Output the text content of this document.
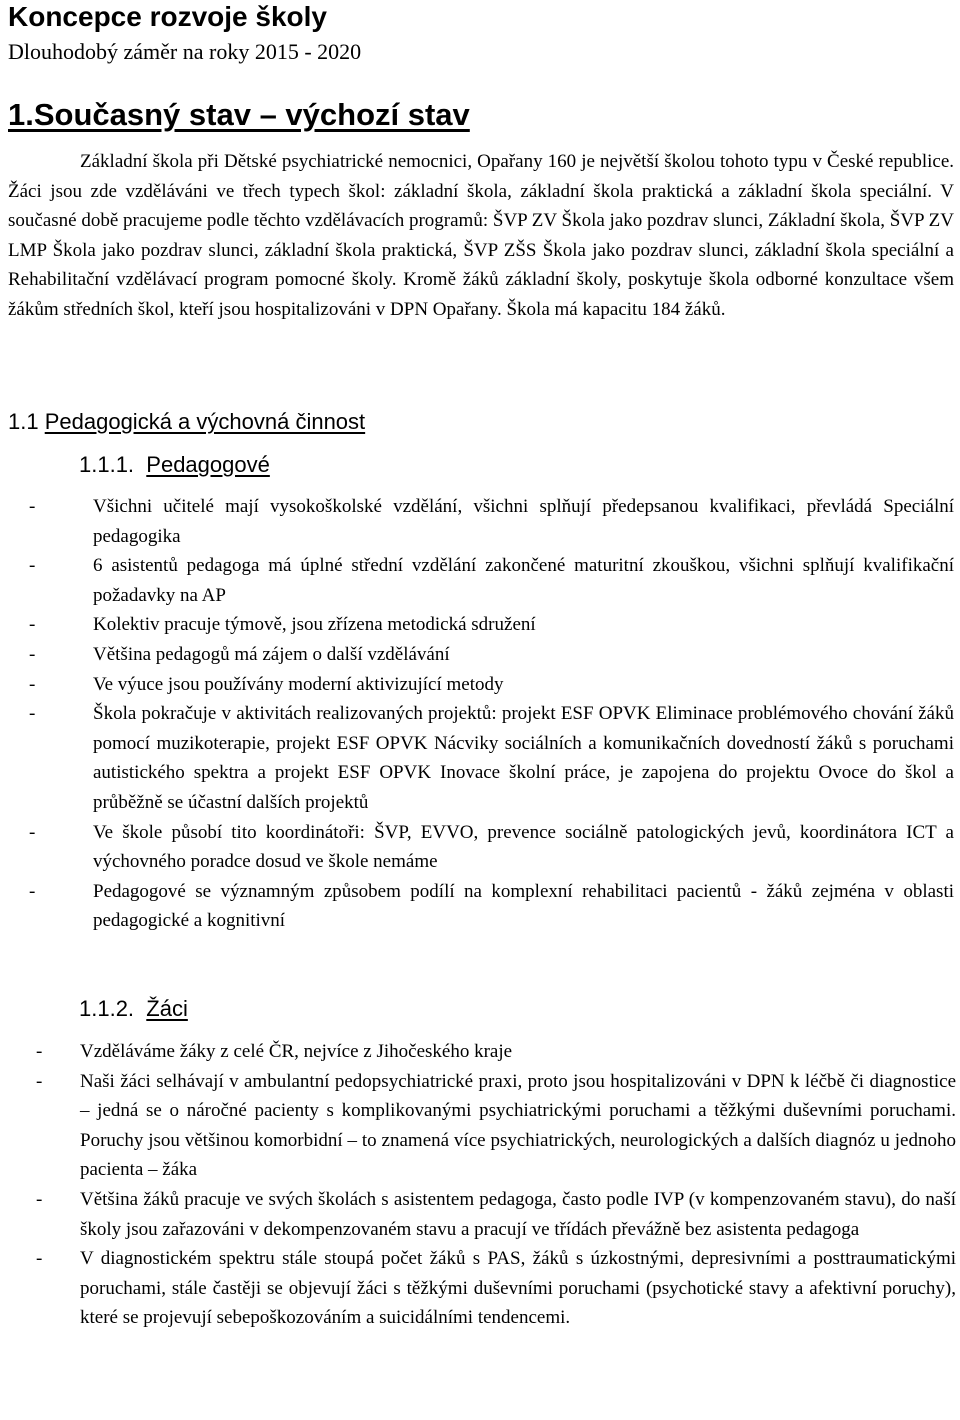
Koncepce rozvoje školy
Dlouhodobý záměr na roky 2015 - 2020
1.Současný stav – výchozí stav

Základní škola při Dětské psychiatrické nemocnici, Opařany 160 je největší školou tohoto typu v České republice. Žáci jsou zde vzděláváni ve třech typech škol: základní škola, základní škola praktická a základní škola speciální. V současné době pracujeme podle těchto vzdělávacích programů: ŠVP ZV Škola jako pozdrav slunci, Základní škola, ŠVP ZV LMP Škola jako pozdrav slunci, základní škola praktická, ŠVP ZŠS Škola jako pozdrav slunci, základní škola speciální a Rehabilitační vzdělávací program pomocné školy. Kromě žáků základní školy, poskytuje škola odborné konzultace všem žákům středních škol, kteří jsou hospitalizováni v DPN Opařany. Škola má kapacitu 184 žáků.

1.1 Pedagogická a výchovná činnost
1.1.1. Pedagogové
-	Všichni učitelé mají vysokoškolské vzdělání, všichni splňují předepsanou kvalifikaci, převládá Speciální pedagogika
-	6 asistentů pedagoga má úplné střední vzdělání zakončené maturitní zkouškou, všichni splňují kvalifikační požadavky na AP
-	Kolektiv pracuje týmově, jsou zřízena metodická sdružení
-	Většina pedagogů má zájem o další vzdělávání
-	Ve výuce jsou používány moderní aktivizující metody
-	Škola pokračuje v aktivitách realizovaných projektů: projekt ESF OPVK Eliminace problémového chování žáků pomocí muzikoterapie, projekt ESF OPVK Nácviky sociálních a komunikačních dovedností žáků s poruchami autistického spektra a projekt ESF OPVK Inovace školní práce, je zapojena do projektu Ovoce do škol a průběžně se účastní dalších projektů
-	Ve škole působí tito koordinátoři: ŠVP, EVVO, prevence sociálně patologických jevů, koordinátora ICT a výchovného poradce dosud ve škole nemáme
-	Pedagogové se významným způsobem podílí na komplexní rehabilitaci pacientů - žáků zejména v oblasti pedagogické a kognitivní
1.1.2. Žáci
- Vzděláváme žáky z celé ČR, nejvíce z Jihočeského kraje
- Naši žáci selhávají v ambulantní pedopsychiatrické praxi, proto jsou hospitalizováni v DPN k léčbě či diagnostice – jedná se o náročné pacienty s komplikovanými psychiatrickými poruchami a těžkými duševními poruchami. Poruchy jsou většinou komorbidní – to znamená více psychiatrických, neurologických a dalších diagnóz u jednoho pacienta – žáka
- Většina žáků pracuje ve svých školách s asistentem pedagoga, často podle IVP (v kompenzovaném stavu), do naší školy jsou zařazováni v dekompenzovaném stavu a pracují ve třídách převážně bez asistenta pedagoga
- V diagnostickém spektru stále stoupá počet žáků s PAS, žáků s úzkostnými, depresivními a posttraumatickými poruchami, stále častěji se objevují žáci s těžkými duševními poruchami (psychotické stavy a afektivní poruchy), které se projevují sebepoškozováním a suicidálními tendencemi.
